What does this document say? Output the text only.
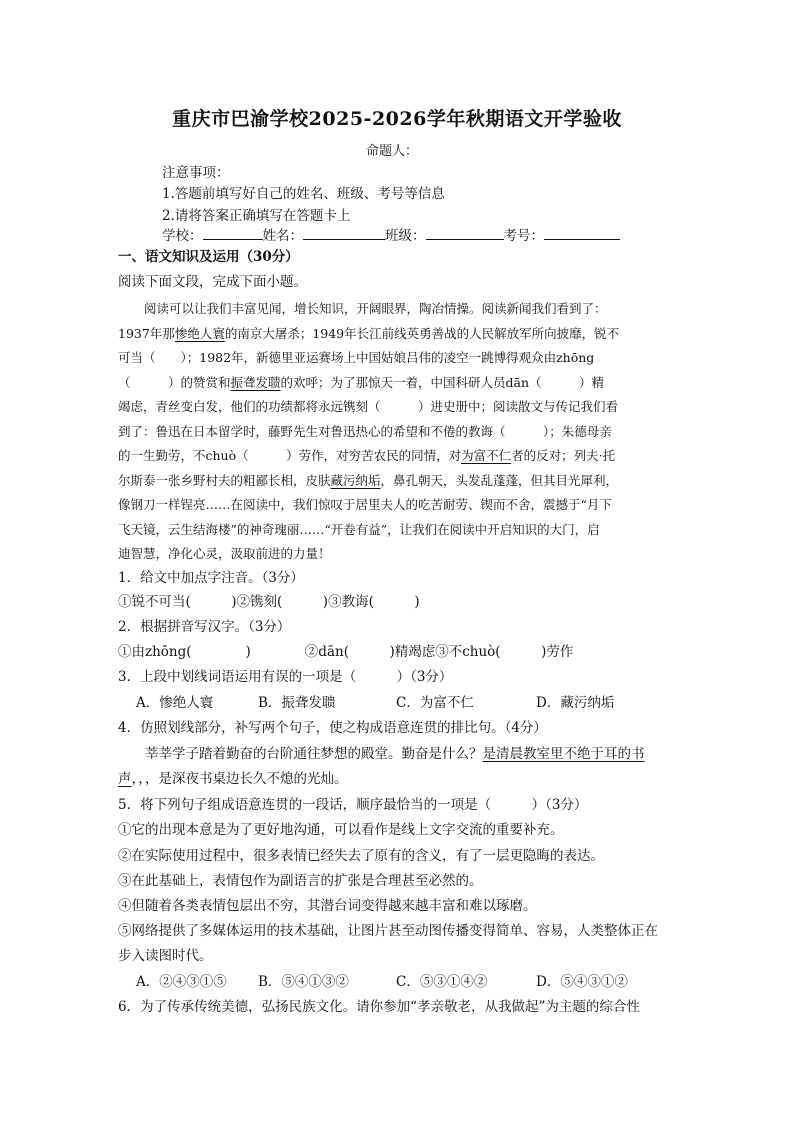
重庆市巴渝学校2025-2026学年秋期语文开学验收
命题人：
注意事项：
1.答题前填写好自己的姓名、班级、考号等信息
2.请将答案正确填写在答题卡上
学校：	姓名：	班级：	考号：
一、语文知识及运用（30分）
阅读下面文段，完成下面小题。

阅读可以让我们丰富见闻，增长知识，开阔眼界，陶冶情操。阅读新闻我们看到了：

1937年那惨绝人寰的南京大屠杀；1949年长江前线英勇善战的人民解放军所向披靡，锐不

可当（　　）；1982年，新德里亚运赛场上中国姑娘吕伟的凌空一跳博得观众由zhōng

（　　　）的赞赏和振聋发聩的欢呼；为了那惊天一着，中国科研人员dān（　　　）精

竭虑，青丝变白发，他们的功绩都将永远镌刻（　　　）进史册中；阅读散文与传记我们看

到了：鲁迅在日本留学时，藤野先生对鲁迅热心的希望和不倦的教诲（　　　）；朱德母亲

的一生勤劳，不chuò（　　　）劳作，对穷苦农民的同情，对为富不仁者的反对；列夫·托

尔斯泰一张乡野村夫的粗鄙长相，皮肤藏污纳垢，鼻孔朝天，头发乱蓬蓬，但其目光犀利，

像钢刀一样锃亮……在阅读中，我们惊叹于居里夫人的吃苦耐劳、锲而不舍，震撼于“月下

飞天镜，云生结海楼”的神奇瑰丽……“开卷有益”，让我们在阅读中开启知识的大门，启

迪智慧，净化心灵，汲取前进的力量！

1．给文中加点字注音。（3分）
①锐不可当(　　　)②镌刻(　　　)③教诲(　　　)
2．根据拼音写汉字。（3分）
①由zhōng(　　　　)　　　　②dān(　　　)精竭虑③不chuò(　　　)劳作
3．上段中划线词语运用有误的一项是（　　　）（3分）
A．惨绝人寰	B．振聋发聩	C．为富不仁	D．藏污纳垢
4．仿照划线部分，补写两个句子，使之构成语意连贯的排比句。（4分）
莘莘学子踏着勤奋的台阶通往梦想的殿堂。勤奋是什么？是清晨教室里不绝于耳的书
声，，，是深夜书桌边长久不熄的光灿。
5．将下列句子组成语意连贯的一段话，顺序最恰当的一项是（　　　）（3分）
①它的出现本意是为了更好地沟通，可以看作是线上文字交流的重要补充。
②在实际使用过程中，很多表情已经失去了原有的含义，有了一层更隐晦的表达。
③在此基础上，表情包作为副语言的扩张是合理甚至必然的。
④但随着各类表情包层出不穷，其潜台词变得越来越丰富和难以琢磨。
⑤网络提供了多媒体运用的技术基础，让图片甚至动图传播变得简单、容易，人类整体正在
步入读图时代。
A．②④③①⑤ B．⑤④①③②	C．⑤③①④②	D．⑤④③①②
6．为了传承传统美德，弘扬民族文化。请你参加“孝亲敬老，从我做起”为主题的综合性
